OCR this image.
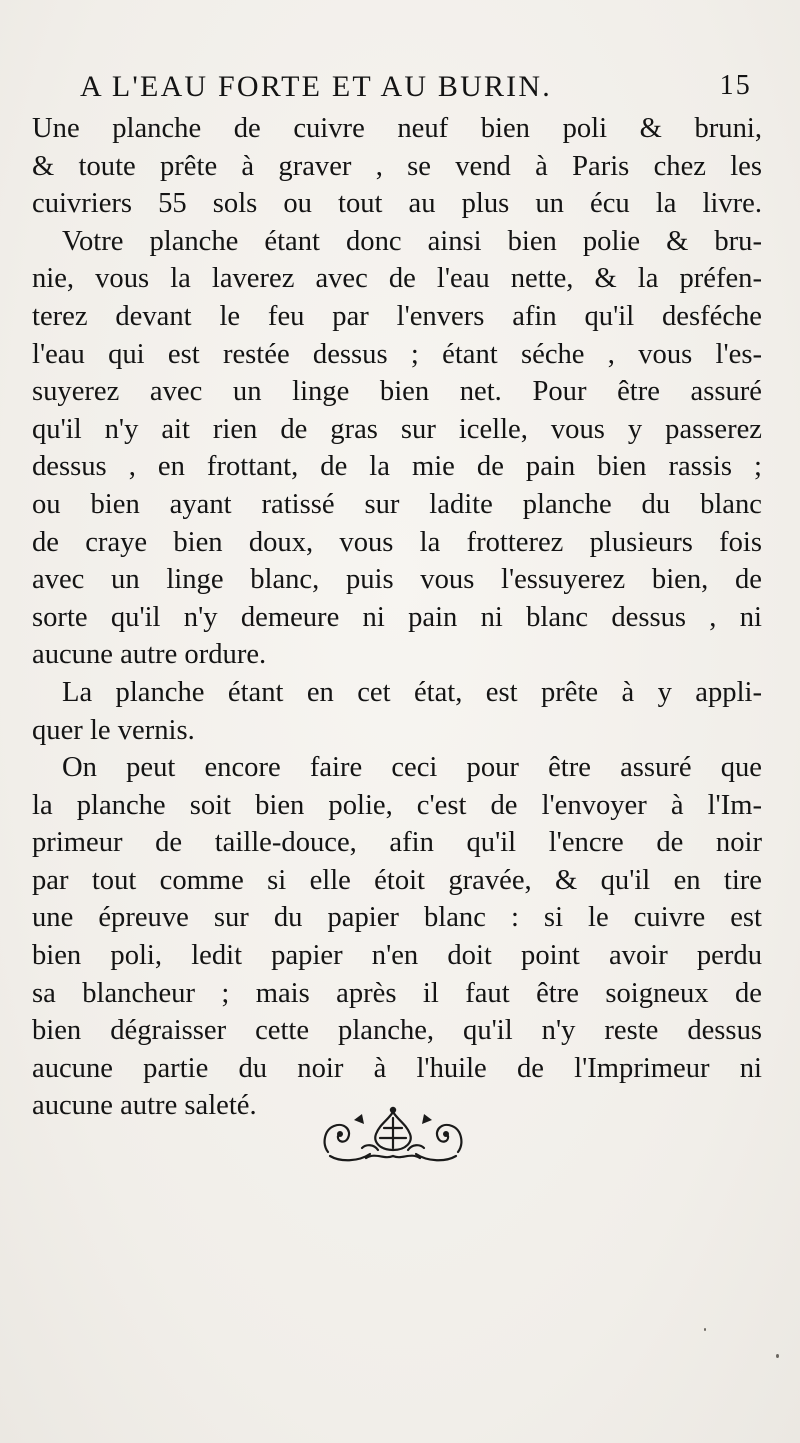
A L'EAU FORTE ET AU BURIN.	15
Une planche de cuivre neuf bien poli & bruni,
& toute prête à graver , se vend à Paris chez les
cuivriers 55 sols ou tout au plus un écu la livre.
Votre planche étant donc ainsi bien polie & bru-
nie, vous la laverez avec de l'eau nette, & la préfen-
terez devant le feu par l'envers afin qu'il desféche
l'eau qui est restée dessus ; étant séche , vous l'es-
suyerez avec un linge bien net. Pour être assuré
qu'il n'y ait rien de gras sur icelle, vous y passerez
dessus , en frottant, de la mie de pain bien rassis ;
ou bien ayant ratissé sur ladite planche du blanc
de craye bien doux, vous la frotterez plusieurs fois
avec un linge blanc, puis vous l'essuyerez bien, de
sorte qu'il n'y demeure ni pain ni blanc dessus , ni
aucune autre ordure.
La planche étant en cet état, est prête à y appli-
quer le vernis.
On peut encore faire ceci pour être assuré que
la planche soit bien polie, c'est de l'envoyer à l'Im-
primeur de taille-douce, afin qu'il l'encre de noir
par tout comme si elle étoit gravée, & qu'il en tire
une épreuve sur du papier blanc : si le cuivre est
bien poli, ledit papier n'en doit point avoir perdu
sa blancheur ; mais après il faut être soigneux de
bien dégraisser cette planche, qu'il n'y reste dessus
aucune partie du noir à l'huile de l'Imprimeur ni
aucune autre saleté.
